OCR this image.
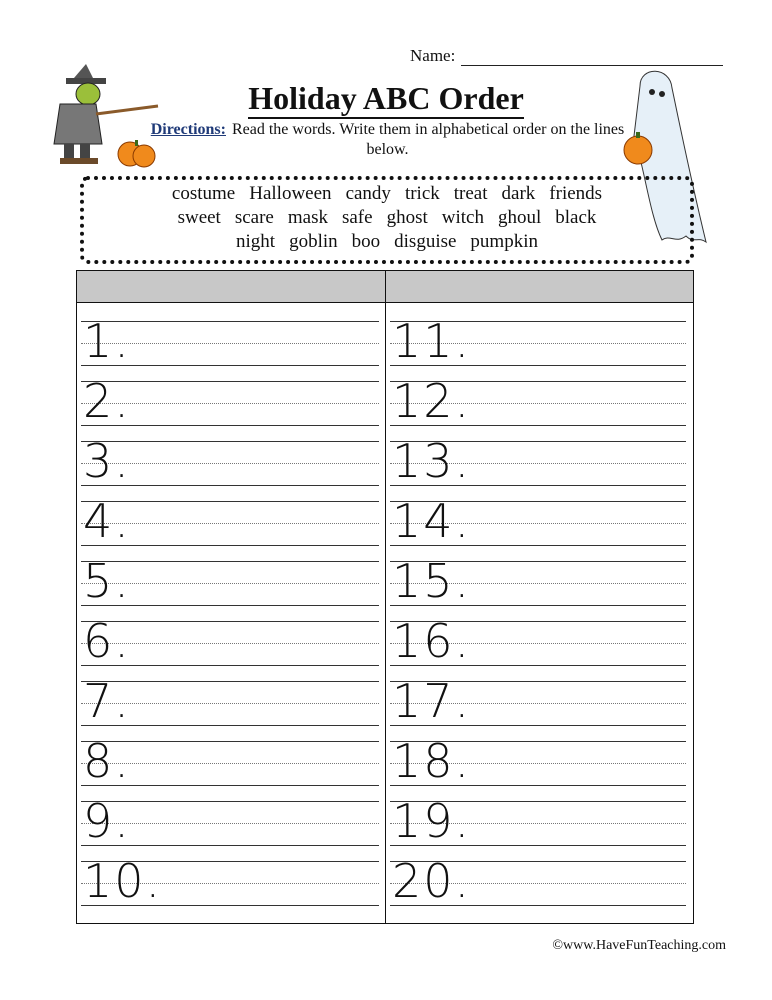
Name:
Holiday ABC Order
Directions: Read the words. Write them in alphabetical order on the lines below.
costume Halloween candy trick treat dark friends
sweet scare mask safe ghost witch ghoul black
night goblin boo disguise pumpkin
1.
2.
3.
4.
5.
6.
7.
8.
9.
10.
11.
12.
13.
14.
15.
16.
17.
18.
19.
20.
©www.HaveFunTeaching.com
